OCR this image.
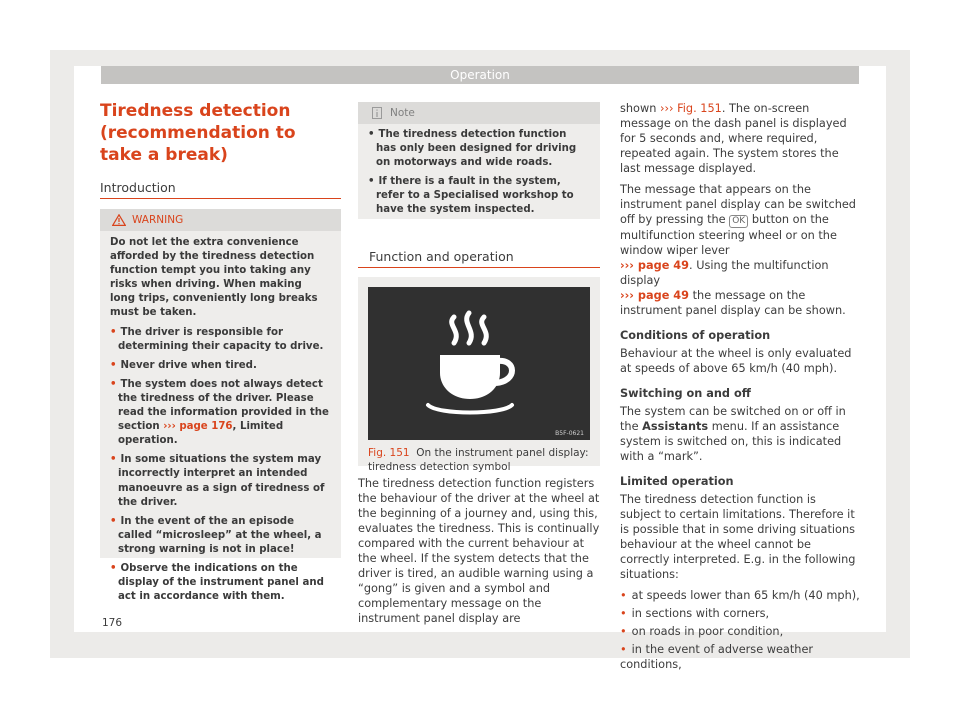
Operation
Tiredness detection (recommendation to take a break)
Introduction
WARNING

Do not let the extra convenience afforded by the tiredness detection function tempt you into taking any risks when driving. When making long trips, conveniently long breaks must be taken.

• The driver is responsible for determining their capacity to drive.

• Never drive when tired.

• The system does not always detect the tiredness of the driver. Please read the information provided in the section ››› page 176, Limited operation.

• In some situations the system may incorrectly interpret an intended manoeuvre as a sign of tiredness of the driver.

• In the event of the an episode called “microsleep” at the wheel, a strong warning is not in place!

• Observe the indications on the display of the instrument panel and act in accordance with them.

Note

• The tiredness detection function has only been designed for driving on motorways and wide roads.

• If there is a fault in the system, refer to a Specialised workshop to have the system inspected.

Function and operation
B5F-0621
Fig. 151 On the instrument panel display: tiredness detection symbol

The tiredness detection function registers the behaviour of the driver at the wheel at the beginning of a journey and, using this, evaluates the tiredness. This is continually compared with the current behaviour at the wheel. If the system detects that the driver is tired, an audible warning using a “gong” is given and a symbol and complementary message on the instrument panel display are

shown ››› Fig. 151. The on-screen message on the dash panel is displayed for 5 seconds and, where required, repeated again. The system stores the last message displayed.

The message that appears on the instrument panel display can be switched off by pressing the OK button on the multifunction steering wheel or on the window wiper lever
››› page 49. Using the multifunction display
››› page 49 the message on the instrument panel display can be shown.

Conditions of operation

Behaviour at the wheel is only evaluated at speeds of above 65 km/h (40 mph).

Switching on and off

The system can be switched on or off in the Assistants menu. If an assistance system is switched on, this is indicated with a “mark”.

Limited operation

The tiredness detection function is subject to certain limitations. Therefore it is possible that in some driving situations behaviour at the wheel cannot be correctly interpreted. E.g. in the following situations:

• at speeds lower than 65 km/h (40 mph),

• in sections with corners,

• on roads in poor condition,

• in the event of adverse weather conditions,

176
